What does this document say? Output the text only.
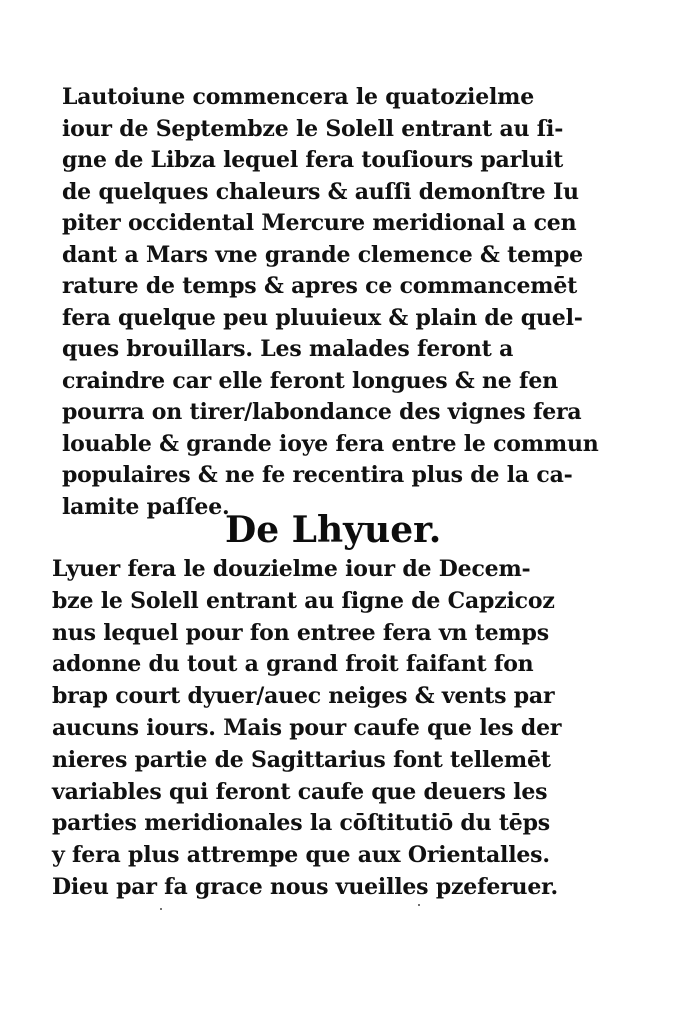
Lautoiune commencera le quatozielme
iour de Septembze le Solell entrant au ſi-
gne de Libza lequel fera touſiours parluit
de quelques chaleurs & auſſi demonſtre Iu
piter occidental Mercure meridional a cen
dant a Mars vne grande clemence & tempe
rature de temps & apres ce commancemēt
fera quelque peu pluuieux & plain de quel-
ques brouillars. Les malades feront a
craindre car elle feront longues & ne fen
pourra on tirer/labondance des vignes fera
louable & grande ioye fera entre le commun
populaires & ne fe recentira plus de la ca-
lamite paſſee.
De Lhyuer.
Lyuer fera le douzielme iour de Decem-
bze le Solell entrant au ſigne de Capzicoz
nus lequel pour fon entree fera vn temps
adonne du tout a grand froit faifant fon
brap court dyuer/auec neiges & vents par
aucuns iours. Mais pour caufe que les der
nieres partie de Sagittarius font tellemēt
variables qui feront caufe que deuers les
parties meridionales la cōſtitutiō du tēps
y fera plus attrempe que aux Orientalles.
Dieu par fa grace nous vueilles pzeferuer.
